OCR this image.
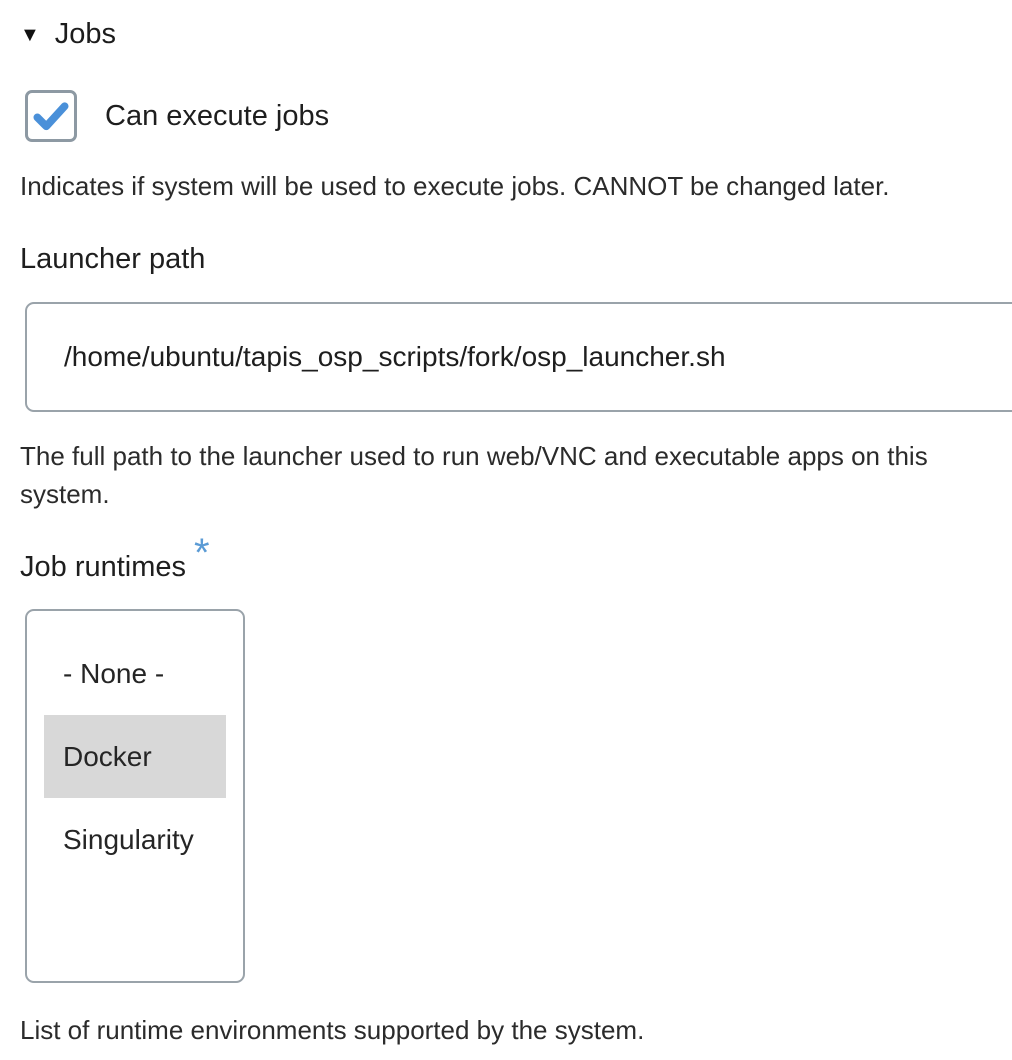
▼ Jobs
Can execute jobs
Indicates if system will be used to execute jobs. CANNOT be changed later.
Launcher path
/home/ubuntu/tapis_osp_scripts/fork/osp_launcher.sh
The full path to the launcher used to run web/VNC and executable apps on this system.
Job runtimes *
- None -
Docker
Singularity
List of runtime environments supported by the system.
